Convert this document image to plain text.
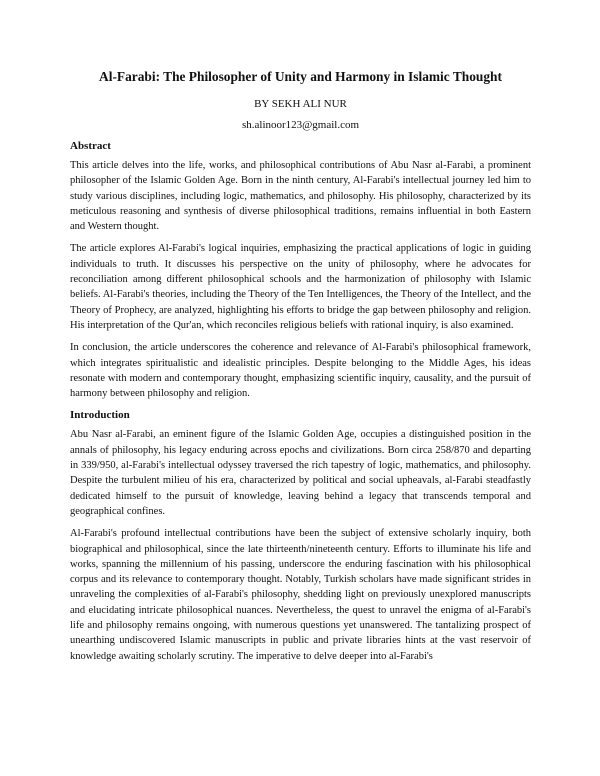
Al-Farabi: The Philosopher of Unity and Harmony in Islamic Thought
BY SEKH ALI NUR
sh.alinoor123@gmail.com
Abstract

This article delves into the life, works, and philosophical contributions of Abu Nasr al-Farabi, a prominent philosopher of the Islamic Golden Age. Born in the ninth century, Al-Farabi's intellectual journey led him to study various disciplines, including logic, mathematics, and philosophy. His philosophy, characterized by its meticulous reasoning and synthesis of diverse philosophical traditions, remains influential in both Eastern and Western thought.

The article explores Al-Farabi's logical inquiries, emphasizing the practical applications of logic in guiding individuals to truth. It discusses his perspective on the unity of philosophy, where he advocates for reconciliation among different philosophical schools and the harmonization of philosophy with Islamic beliefs. Al-Farabi's theories, including the Theory of the Ten Intelligences, the Theory of the Intellect, and the Theory of Prophecy, are analyzed, highlighting his efforts to bridge the gap between philosophy and religion. His interpretation of the Qur'an, which reconciles religious beliefs with rational inquiry, is also examined.

In conclusion, the article underscores the coherence and relevance of Al-Farabi's philosophical framework, which integrates spiritualistic and idealistic principles. Despite belonging to the Middle Ages, his ideas resonate with modern and contemporary thought, emphasizing scientific inquiry, causality, and the pursuit of harmony between philosophy and religion.

Introduction

Abu Nasr al-Farabi, an eminent figure of the Islamic Golden Age, occupies a distinguished position in the annals of philosophy, his legacy enduring across epochs and civilizations. Born circa 258/870 and departing in 339/950, al-Farabi's intellectual odyssey traversed the rich tapestry of logic, mathematics, and philosophy. Despite the turbulent milieu of his era, characterized by political and social upheavals, al-Farabi steadfastly dedicated himself to the pursuit of knowledge, leaving behind a legacy that transcends temporal and geographical confines.

Al-Farabi's profound intellectual contributions have been the subject of extensive scholarly inquiry, both biographical and philosophical, since the late thirteenth/nineteenth century. Efforts to illuminate his life and works, spanning the millennium of his passing, underscore the enduring fascination with his philosophical corpus and its relevance to contemporary thought. Notably, Turkish scholars have made significant strides in unraveling the complexities of al-Farabi's philosophy, shedding light on previously unexplored manuscripts and elucidating intricate philosophical nuances. Nevertheless, the quest to unravel the enigma of al-Farabi's life and philosophy remains ongoing, with numerous questions yet unanswered. The tantalizing prospect of unearthing undiscovered Islamic manuscripts in public and private libraries hints at the vast reservoir of knowledge awaiting scholarly scrutiny. The imperative to delve deeper into al-Farabi's
